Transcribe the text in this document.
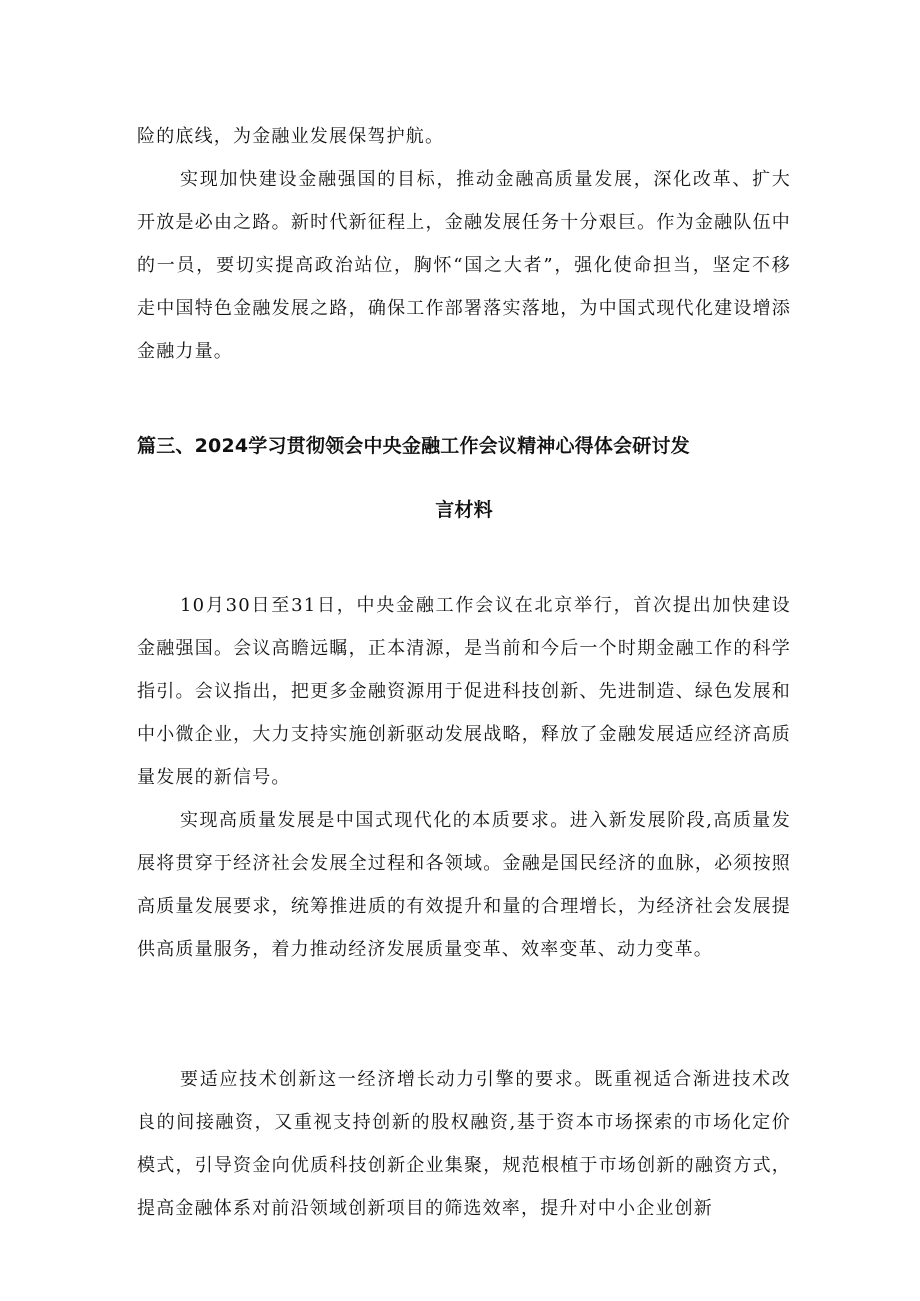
险的底线，为金融业发展保驾护航。

实现加快建设金融强国的目标，推动金融高质量发展，深化改革、扩大开放是必由之路。新时代新征程上，金融发展任务十分艰巨。作为金融队伍中的一员，要切实提高政治站位，胸怀“国之大者”，强化使命担当，坚定不移走中国特色金融发展之路，确保工作部署落实落地，为中国式现代化建设增添金融力量。

篇三、2024学习贯彻领会中央金融工作会议精神心得体会研讨发
言材料

10月30日至31日，中央金融工作会议在北京举行，首次提出加快建设金融强国。会议高瞻远瞩，正本清源，是当前和今后一个时期金融工作的科学指引。会议指出，把更多金融资源用于促进科技创新、先进制造、绿色发展和中小微企业，大力支持实施创新驱动发展战略，释放了金融发展适应经济高质量发展的新信号。

实现高质量发展是中国式现代化的本质要求。进入新发展阶段,高质量发展将贯穿于经济社会发展全过程和各领域。金融是国民经济的血脉，必须按照高质量发展要求，统筹推进质的有效提升和量的合理增长，为经济社会发展提供高质量服务，着力推动经济发展质量变革、效率变革、动力变革。

要适应技术创新这一经济增长动力引擎的要求。既重视适合渐进技术改良的间接融资，又重视支持创新的股权融资,基于资本市场探索的市场化定价模式，引导资金向优质科技创新企业集聚，规范根植于市场创新的融资方式，提高金融体系对前沿领域创新项目的筛选效率，提升对中小企业创新
